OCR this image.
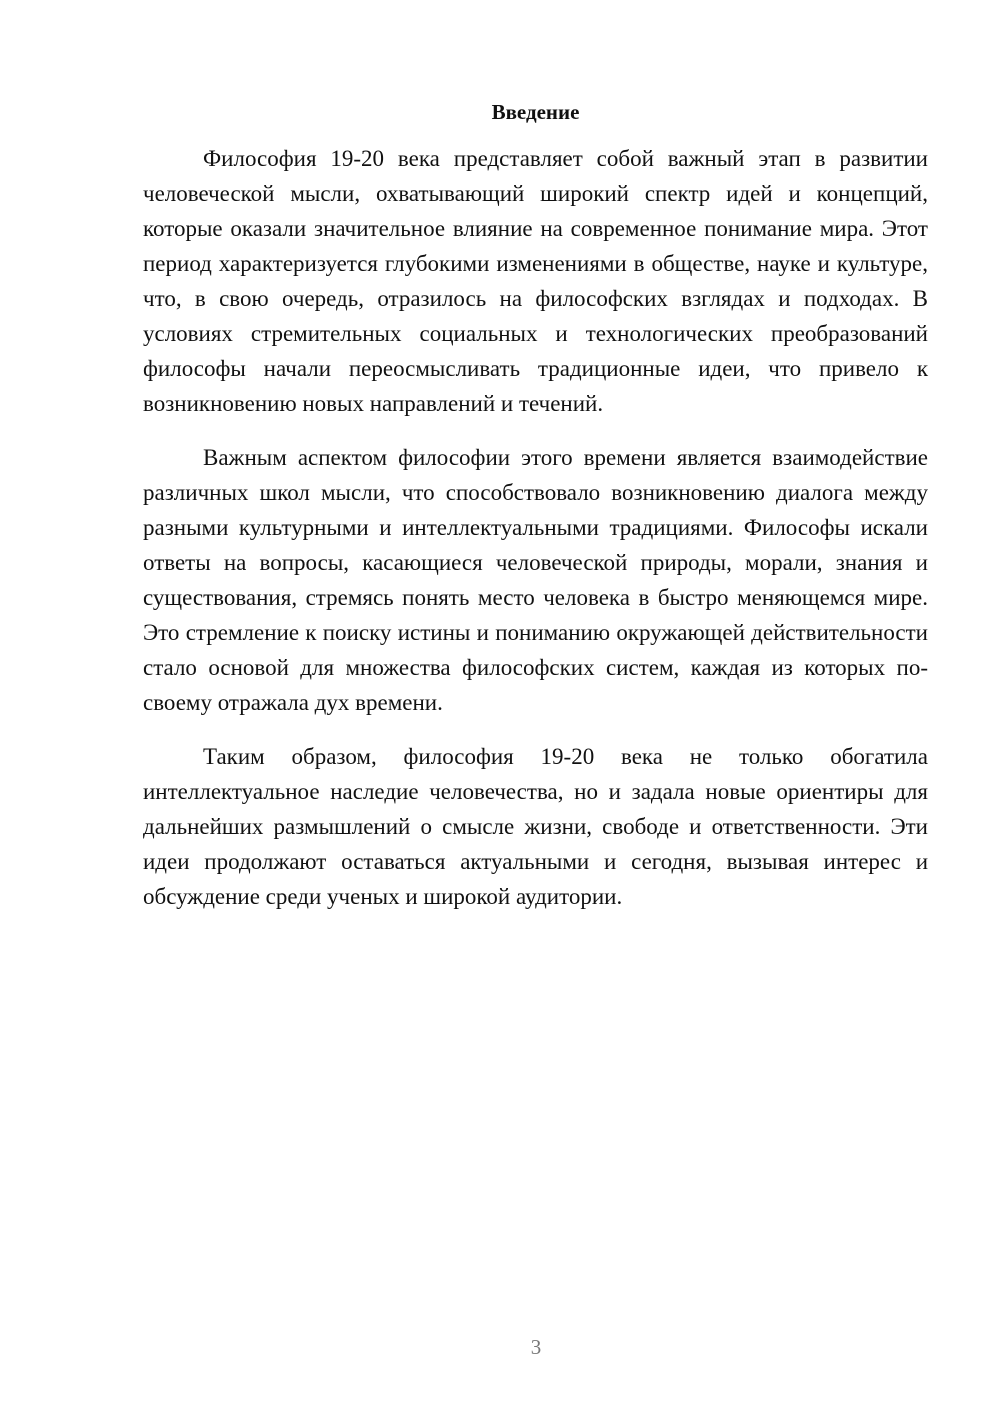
Введение

Философия 19-20 века представляет собой важный этап в развитии человеческой мысли, охватывающий широкий спектр идей и концепций, которые оказали значительное влияние на современное понимание мира. Этот период характеризуется глубокими изменениями в обществе, науке и культуре, что, в свою очередь, отразилось на философских взглядах и подходах. В условиях стремительных социальных и технологических преобразований философы начали переосмысливать традиционные идеи, что привело к возникновению новых направлений и течений.

Важным аспектом философии этого времени является взаимодействие различных школ мысли, что способствовало возникновению диалога между разными культурными и интеллектуальными традициями. Философы искали ответы на вопросы, касающиеся человеческой природы, морали, знания и существования, стремясь понять место человека в быстро меняющемся мире. Это стремление к поиску истины и пониманию окружающей действительности стало основой для множества философских систем, каждая из которых по-своему отражала дух времени.

Таким образом, философия 19-20 века не только обогатила интеллектуальное наследие человечества, но и задала новые ориентиры для дальнейших размышлений о смысле жизни, свободе и ответственности. Эти идеи продолжают оставаться актуальными и сегодня, вызывая интерес и обсуждение среди ученых и широкой аудитории.

3
